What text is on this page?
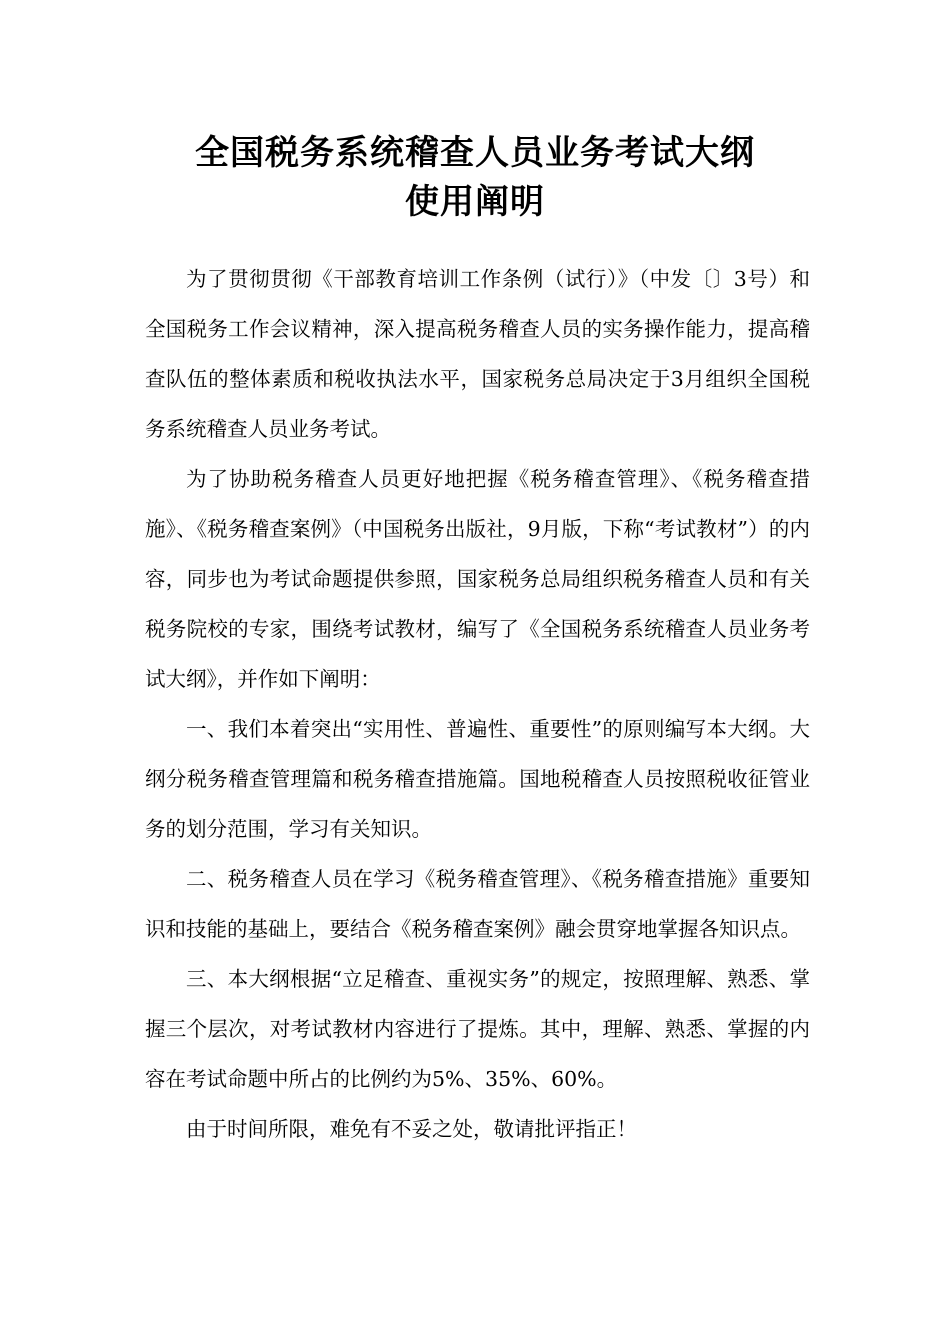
全国税务系统稽查人员业务考试大纲
使用阐明

为了贯彻贯彻《干部教育培训工作条例（试行）》（中发〔〕3号）和全国税务工作会议精神，深入提高税务稽查人员的实务操作能力，提高稽查队伍的整体素质和税收执法水平，国家税务总局决定于3月组织全国税务系统稽查人员业务考试。

为了协助税务稽查人员更好地把握《税务稽查管理》、《税务稽查措施》、《税务稽查案例》（中国税务出版社，9月版，下称“考试教材”）的内容，同步也为考试命题提供参照，国家税务总局组织税务稽查人员和有关税务院校的专家，围绕考试教材，编写了《全国税务系统稽查人员业务考试大纲》，并作如下阐明：

一、我们本着突出“实用性、普遍性、重要性”的原则编写本大纲。大纲分税务稽查管理篇和税务稽查措施篇。国地税稽查人员按照税收征管业务的划分范围，学习有关知识。

二、税务稽查人员在学习《税务稽查管理》、《税务稽查措施》重要知识和技能的基础上，要结合《税务稽查案例》融会贯穿地掌握各知识点。

三、本大纲根据“立足稽查、重视实务”的规定，按照理解、熟悉、掌握三个层次，对考试教材内容进行了提炼。其中，理解、熟悉、掌握的内容在考试命题中所占的比例约为5%、35%、60%。

由于时间所限，难免有不妥之处，敬请批评指正！
